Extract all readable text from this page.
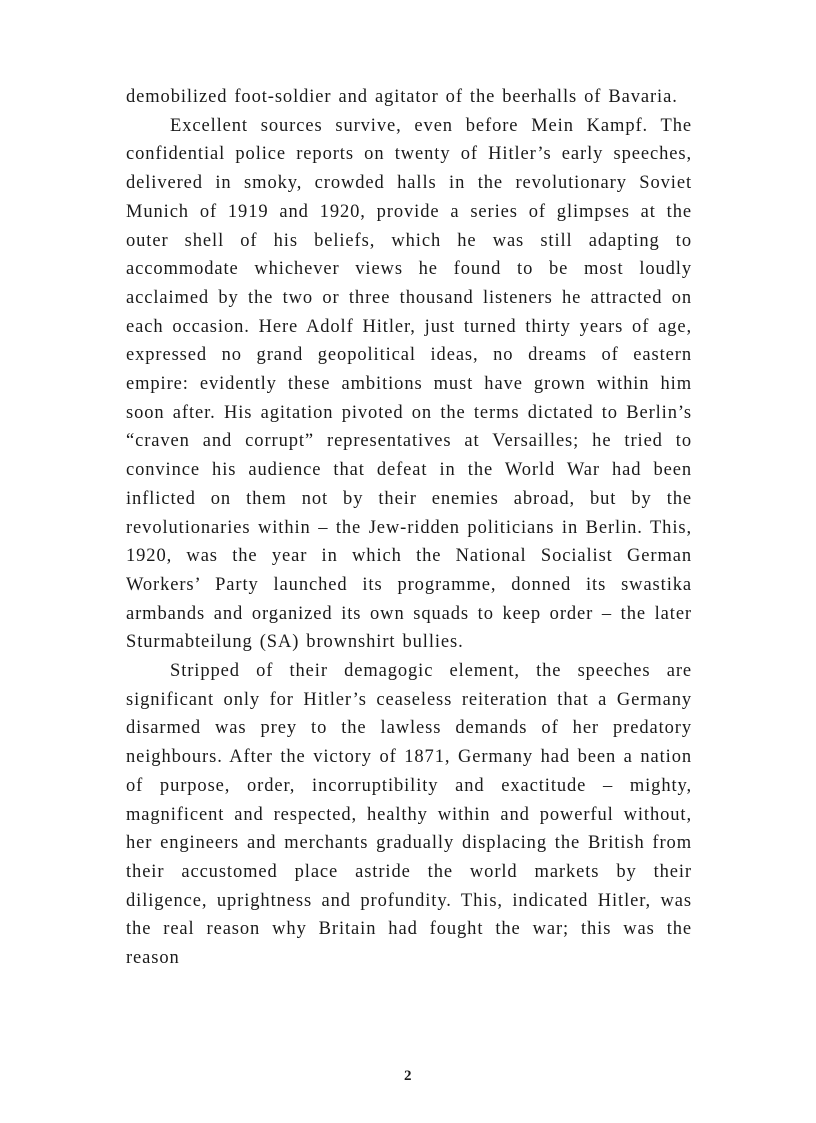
demobilized foot-soldier and agitator of the beerhalls of Bavaria.

Excellent sources survive, even before Mein Kampf. The confidential police reports on twenty of Hitler’s early speeches, delivered in smoky, crowded halls in the revolutionary Soviet Munich of 1919 and 1920, provide a series of glimpses at the outer shell of his beliefs, which he was still adapting to accommodate whichever views he found to be most loudly acclaimed by the two or three thousand listeners he attracted on each occasion. Here Adolf Hitler, just turned thirty years of age, expressed no grand geopolitical ideas, no dreams of eastern empire: evidently these ambitions must have grown within him soon after. His agitation pivoted on the terms dictated to Berlin’s “craven and corrupt” representatives at Versailles; he tried to convince his audience that defeat in the World War had been inflicted on them not by their enemies abroad, but by the revolutionaries within – the Jew-ridden politicians in Berlin. This, 1920, was the year in which the National Socialist German Workers’ Party launched its programme, donned its swastika armbands and organized its own squads to keep order – the later Sturmabteilung (SA) brownshirt bullies.

Stripped of their demagogic element, the speeches are significant only for Hitler’s ceaseless reiteration that a Germany disarmed was prey to the lawless demands of her predatory neighbours. After the victory of 1871, Germany had been a nation of purpose, order, incorruptibility and exactitude – mighty, magnificent and respected, healthy within and powerful without, her engineers and merchants gradually displacing the British from their accustomed place astride the world markets by their diligence, uprightness and profundity. This, indicated Hitler, was the real reason why Britain had fought the war; this was the reason

2
